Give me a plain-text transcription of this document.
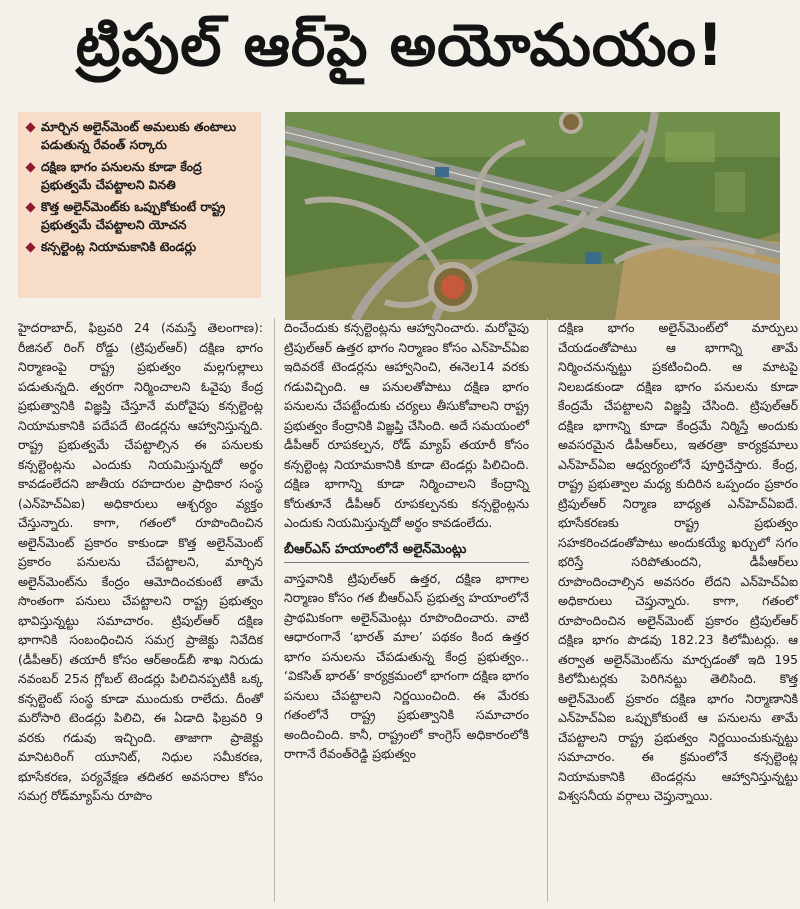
ట్రిపుల్ ఆర్‌పై అయోమయం!
మార్చిన అలైన్‌మెంట్ అమలుకు తంటాలు పడుతున్న రేవంత్ సర్కారు
దక్షిణ భాగం పనులను కూడా కేంద్ర ప్రభుత్వమే చేపట్టాలని వినతి
కొత్త అలైన్‌మెంట్‌కు ఒప్పుకోకుంటే రాష్ట్ర ప్రభుత్వమే చేపట్టాలని యోచన
కన్సల్టెంట్ల నియామకానికి టెండర్లు

హైదరాబాద్, ఫిబ్రవరి 24 (నమస్తే తెలంగాణ): రీజినల్ రింగ్ రోడ్డు (ట్రిపుల్‌ఆర్) దక్షిణ భాగం నిర్మాణంపై రాష్ట్ర ప్రభుత్వం మల్లగుల్లాలు పడుతున్నది. త్వరగా నిర్మించాలని ఓవైపు కేంద్ర ప్రభుత్వానికి విజ్ఞప్తి చేస్తూనే మరోవైపు కన్సల్టెంట్ల నియామకానికి పదేపదే టెండర్లను ఆహ్వానిస్తున్నది. రాష్ట్ర ప్రభుత్వమే చేపట్టాల్సిన ఈ పనులకు కన్సల్టెంట్లను ఎందుకు నియమిస్తున్నదో అర్థం కావడంలేదని జాతీయ రహదారుల ప్రాధికార సంస్థ (ఎన్‌హెచ్‌ఏఐ) అధికారులు ఆశ్చర్యం వ్యక్తం చేస్తున్నారు. కాగా, గతంలో రూపొందించిన అలైన్‌మెంట్ ప్రకారం కాకుండా కొత్త అలైన్‌మెంట్ ప్రకారం పనులను చేపట్టాలని, మార్చిన అలైన్‌మెంట్‌ను కేంద్రం ఆమోదించకుంటే తామే సొంతంగా పనులు చేపట్టాలని రాష్ట్ర ప్రభుత్వం భావిస్తున్నట్టు సమాచారం. ట్రిపుల్‌ఆర్ దక్షిణ భాగానికి సంబంధించిన సమగ్ర ప్రాజెక్టు నివేదిక (డీపీఆర్) తయారీ కోసం ఆర్‌అండ్‌బీ శాఖ నిరుడు నవంబర్ 25న గ్లోబల్ టెండర్లు పిలిచినప్పటికీ ఒక్క కన్సల్టెంట్ సంస్థ కూడా ముందుకు రాలేదు. దీంతో మరోసారి టెండర్లు పిలిచి, ఈ ఏడాది ఫిబ్రవరి 9 వరకు గడువు ఇచ్చింది. తాజాగా ప్రాజెక్టు మానిటరింగ్ యూనిట్, నిధుల సమీకరణ, భూసేకరణ, పర్యవేక్షణ తదితర అవసరాల కోసం సమగ్ర రోడ్‌మ్యాప్‌ను రూపొం

దించేందుకు కన్సల్టెంట్లను ఆహ్వానించారు. మరోవైపు ట్రిపుల్‌ఆర్ ఉత్తర భాగం నిర్మాణం కోసం ఎన్‌హెచ్‌ఏఐ ఇదివరకే టెండర్లను ఆహ్వానించి, ఈనెల14 వరకు గడువిచ్చింది. ఆ పనులతోపాటు దక్షిణ భాగం పనులను చేపట్టేందుకు చర్యలు తీసుకోవాలని రాష్ట్ర ప్రభుత్వం కేంద్రానికి విజ్ఞప్తి చేసింది. అదే సమయంలో డీపీఆర్ రూపకల్పన, రోడ్ మ్యాప్ తయారీ కోసం కన్సల్టెంట్ల నియామకానికి కూడా టెండర్లు పిలిచింది. దక్షిణ భాగాన్ని కూడా నిర్మించాలని కేంద్రాన్ని కోరుతూనే డీపీఆర్ రూపకల్పనకు కన్సల్టెంట్లను ఎందుకు నియమిస్తున్నదో అర్థం కావడంలేదు.

బీఆర్‌ఎస్ హయాంలోనే అలైన్‌మెంట్లు

వాస్తవానికి ట్రిపుల్‌ఆర్ ఉత్తర, దక్షిణ భాగాల నిర్మాణం కోసం గత బీఆర్‌ఎస్ ప్రభుత్వ హయాంలోనే ప్రాథమికంగా అలైన్‌మెంట్లు రూపొందించారు. వాటి ఆధారంగానే ‘భారత్ మాల’ పథకం కింద ఉత్తర భాగం పనులను చేపడుతున్న కేంద్ర ప్రభుత్వం.. ‘వికసిత్ భారత్’ కార్యక్రమంలో భాగంగా దక్షిణ భాగం పనులు చేపట్టాలని నిర్ణయించింది. ఈ మేరకు గతంలోనే రాష్ట్ర ప్రభుత్వానికి సమాచారం అందించింది. కానీ, రాష్ట్రంలో కాంగ్రెస్ అధికారంలోకి రాగానే రేవంత్‌రెడ్డి ప్రభుత్వం

దక్షిణ భాగం అలైన్‌మెంట్‌లో మార్పులు చేయడంతోపాటు ఆ భాగాన్ని తామే నిర్మించనున్నట్టు ప్రకటించింది. ఆ మాటపై నిలబడకుండా దక్షిణ భాగం పనులను కూడా కేంద్రమే చేపట్టాలని విజ్ఞప్తి చేసింది. ట్రిపుల్‌ఆర్ దక్షిణ భాగాన్ని కూడా కేంద్రమే నిర్మిస్తే అందుకు అవసరమైన డీపీఆర్‌లు, ఇతరత్రా కార్యక్రమాలు ఎన్‌హెచ్‌ఏఐ ఆధ్వర్యంలోనే పూర్తిచేస్తారు. కేంద్ర, రాష్ట్ర ప్రభుత్వాల మధ్య కుదిరిన ఒప్పందం ప్రకారం ట్రిపుల్‌ఆర్ నిర్మాణ బాధ్యత ఎన్‌హెచ్‌ఏఐదే. భూసేకరణకు రాష్ట్ర ప్రభుత్వం సహకరించడంతోపాటు అందుకయ్యే ఖర్చులో సగం భరిస్తే సరిపోతుందని, డీపీఆర్‌లు రూపొందించాల్సిన అవసరం లేదని ఎన్‌హెచ్‌ఏఐ అధికారులు చెప్తున్నారు. కాగా, గతంలో రూపొందించిన అలైన్‌మెంట్ ప్రకారం ట్రిపుల్‌ఆర్ దక్షిణ భాగం పొడవు 182.23 కిలోమీటర్లు. ఆ తర్వాత అలైన్‌మెంట్‌ను మార్చడంతో ఇది 195 కిలోమీటర్లకు పెరిగినట్టు తెలిసింది. కొత్త అలైన్‌మెంట్ ప్రకారం దక్షిణ భాగం నిర్మాణానికి ఎన్‌హెచ్‌ఏఐ ఒప్పుకోకుంటే ఆ పనులను తామే చేపట్టాలని రాష్ట్ర ప్రభుత్వం నిర్ణయించుకున్నట్టు సమాచారం. ఈ క్రమంలోనే కన్సల్టెంట్ల నియామకానికి టెండర్లను ఆహ్వానిస్తున్నట్టు విశ్వసనీయ వర్గాలు చెప్తున్నాయి.
